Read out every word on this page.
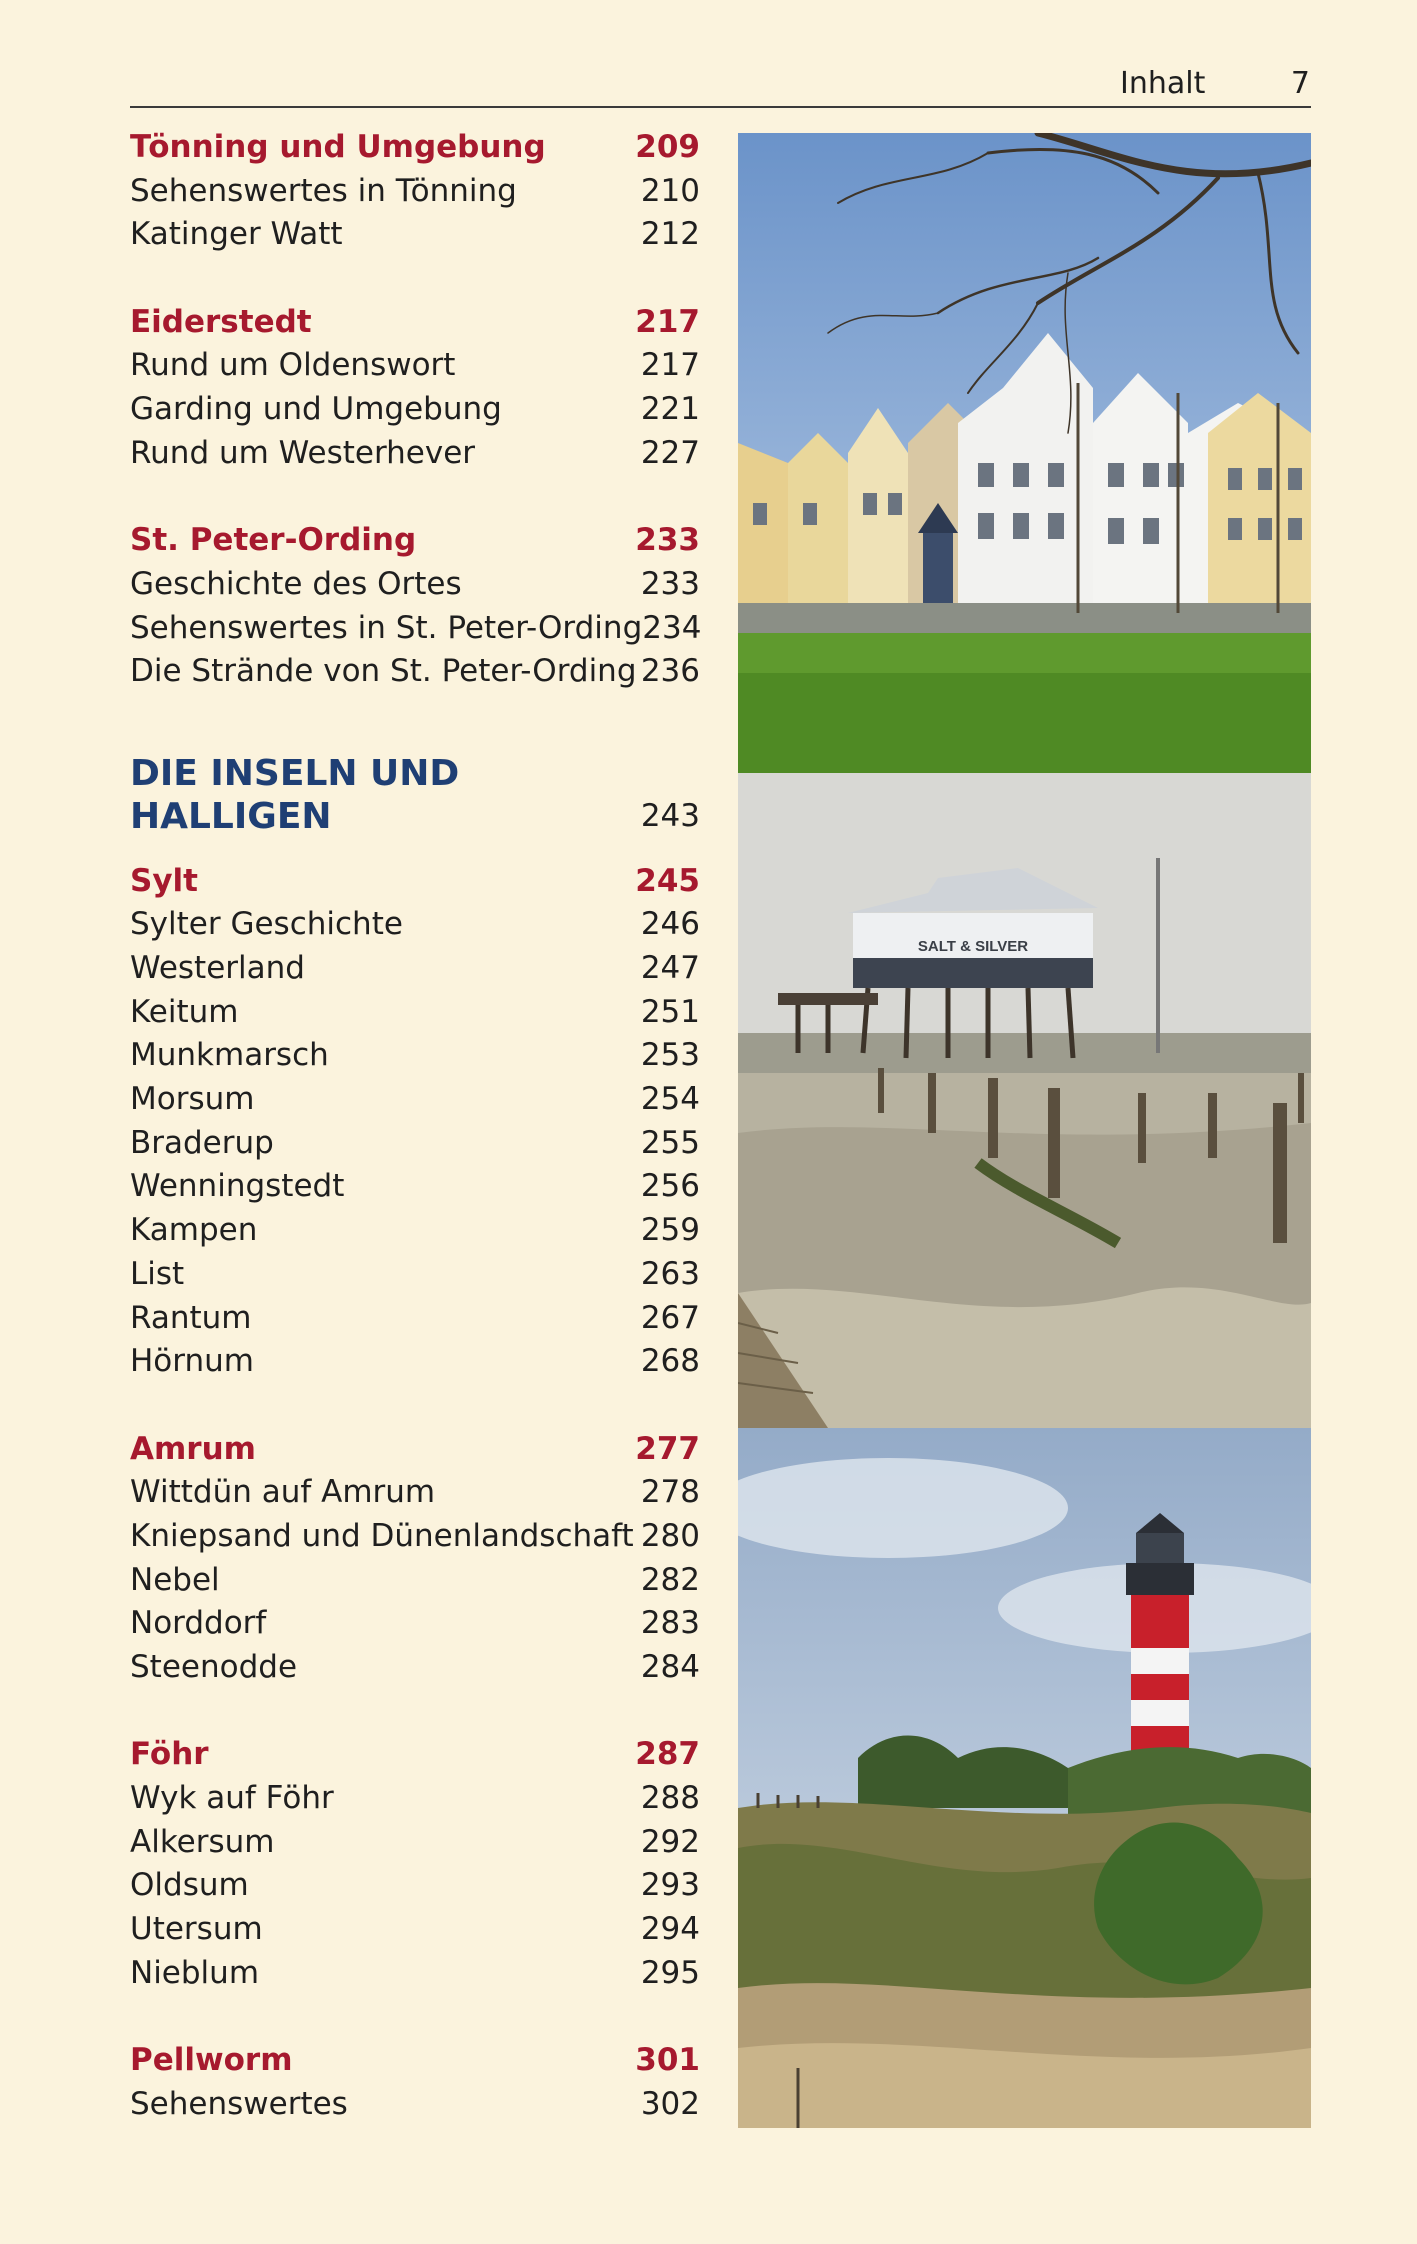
Inhalt	7
Tönning und Umgebung	209
Sehenswertes in Tönning	210
Katinger Watt	212
Eiderstedt	217
Rund um Oldenswort	217
Garding und Umgebung	221
Rund um Westerhever	227
St. Peter-Ording	233
Geschichte des Ortes	233
Sehenswertes in St. Peter-Ording 234
Die Strände von St. Peter-Ording 236
DIE INSELN UND
HALLIGEN	243
Sylt	245
Sylter Geschichte	246
Westerland	247
Keitum	251
Munkmarsch	253
Morsum	254
Braderup	255
Wenningstedt	256
Kampen	259
List	263
Rantum	267
Hörnum	268
Amrum	277
Wittdün auf Amrum	278
Kniepsand und Dünenlandschaft 280
Nebel	282
Norddorf	283
Steenodde	284
Föhr	287
Wyk auf Föhr	288
Alkersum	292
Oldsum	293
Utersum	294
Nieblum	295
Pellworm	301
Sehenswertes	302
SALT & SILVER
